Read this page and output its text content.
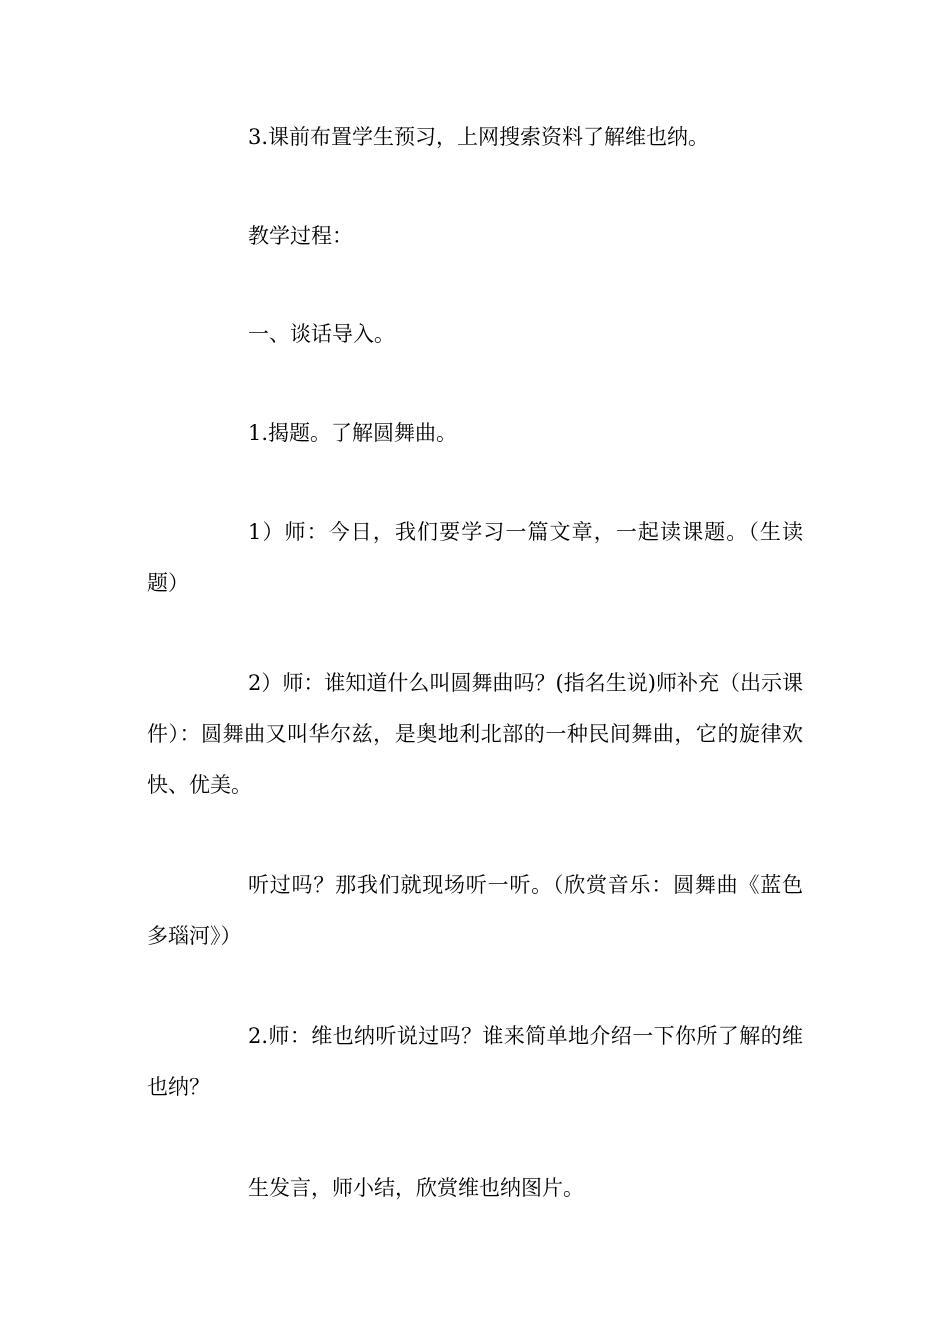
3.课前布置学生预习，上网搜索资料了解维也纳。

教学过程：

一、谈话导入。

1.揭题。了解圆舞曲。

1）师：今日，我们要学习一篇文章，一起读课题。（生读题）

2）师：谁知道什么叫圆舞曲吗？(指名生说)师补充（出示课件）：圆舞曲又叫华尔兹，是奥地利北部的一种民间舞曲，它的旋律欢快、优美。

听过吗？那我们就现场听一听。（欣赏音乐：圆舞曲《蓝色多瑙河》）

2.师：维也纳听说过吗？谁来简单地介绍一下你所了解的维也纳？

生发言，师小结，欣赏维也纳图片。
